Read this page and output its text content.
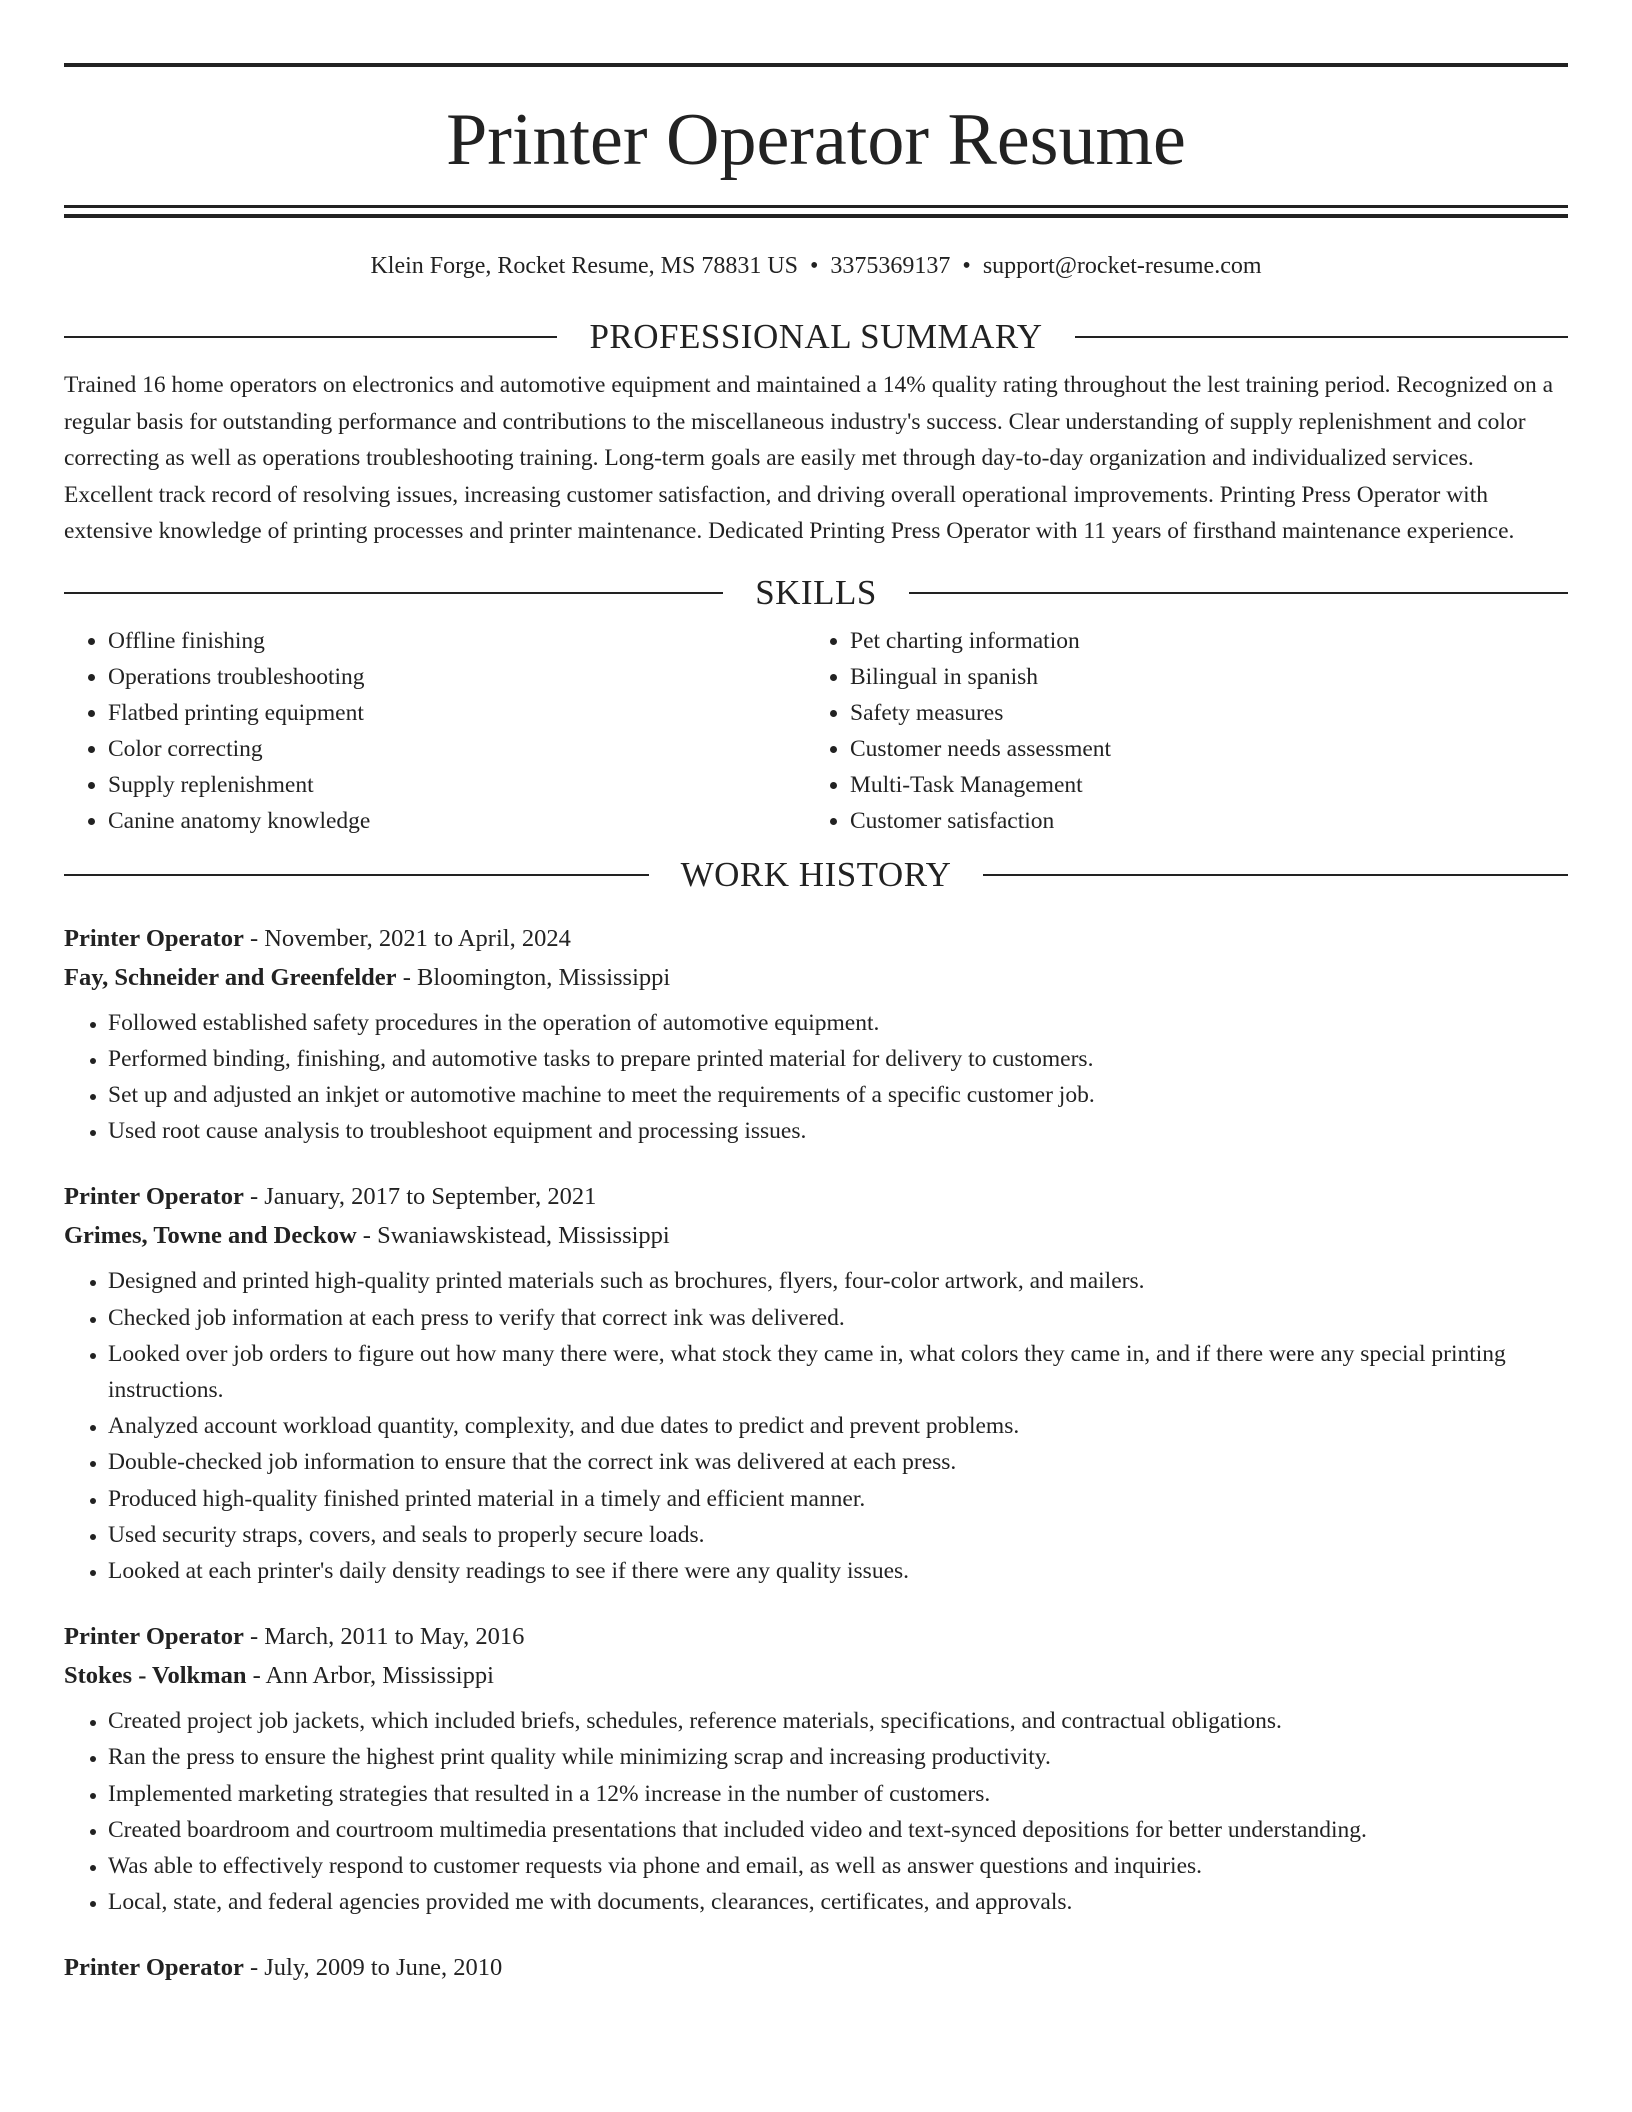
Printer Operator Resume
Klein Forge, Rocket Resume, MS 78831 US • 3375369137 • support@rocket-resume.com
PROFESSIONAL SUMMARY

Trained 16 home operators on electronics and automotive equipment and maintained a 14% quality rating throughout the lest training period. Recognized on a regular basis for outstanding performance and contributions to the miscellaneous industry's success. Clear understanding of supply replenishment and color correcting as well as operations troubleshooting training. Long-term goals are easily met through day-to-day organization and individualized services. Excellent track record of resolving issues, increasing customer satisfaction, and driving overall operational improvements. Printing Press Operator with extensive knowledge of printing processes and printer maintenance. Dedicated Printing Press Operator with 11 years of firsthand maintenance experience.

SKILLS
• Offline finishing
• Operations troubleshooting
• Flatbed printing equipment
• Color correcting
• Supply replenishment
• Canine anatomy knowledge
• Pet charting information
• Bilingual in spanish
• Safety measures
• Customer needs assessment
• Multi-Task Management
• Customer satisfaction
WORK HISTORY
Printer Operator - November, 2021 to April, 2024
Fay, Schneider and Greenfelder - Bloomington, Mississippi
• Followed established safety procedures in the operation of automotive equipment.
• Performed binding, finishing, and automotive tasks to prepare printed material for delivery to customers.
• Set up and adjusted an inkjet or automotive machine to meet the requirements of a specific customer job.
• Used root cause analysis to troubleshoot equipment and processing issues.
Printer Operator - January, 2017 to September, 2021
Grimes, Towne and Deckow - Swaniawskistead, Mississippi
• Designed and printed high-quality printed materials such as brochures, flyers, four-color artwork, and mailers.
• Checked job information at each press to verify that correct ink was delivered.
• Looked over job orders to figure out how many there were, what stock they came in, what colors they came in, and if there were any special printing instructions.
• Analyzed account workload quantity, complexity, and due dates to predict and prevent problems.
• Double-checked job information to ensure that the correct ink was delivered at each press.
• Produced high-quality finished printed material in a timely and efficient manner.
• Used security straps, covers, and seals to properly secure loads.
• Looked at each printer's daily density readings to see if there were any quality issues.
Printer Operator - March, 2011 to May, 2016
Stokes - Volkman - Ann Arbor, Mississippi
• Created project job jackets, which included briefs, schedules, reference materials, specifications, and contractual obligations.
• Ran the press to ensure the highest print quality while minimizing scrap and increasing productivity.
• Implemented marketing strategies that resulted in a 12% increase in the number of customers.
• Created boardroom and courtroom multimedia presentations that included video and text-synced depositions for better understanding.
• Was able to effectively respond to customer requests via phone and email, as well as answer questions and inquiries.
• Local, state, and federal agencies provided me with documents, clearances, certificates, and approvals.
Printer Operator - July, 2009 to June, 2010
